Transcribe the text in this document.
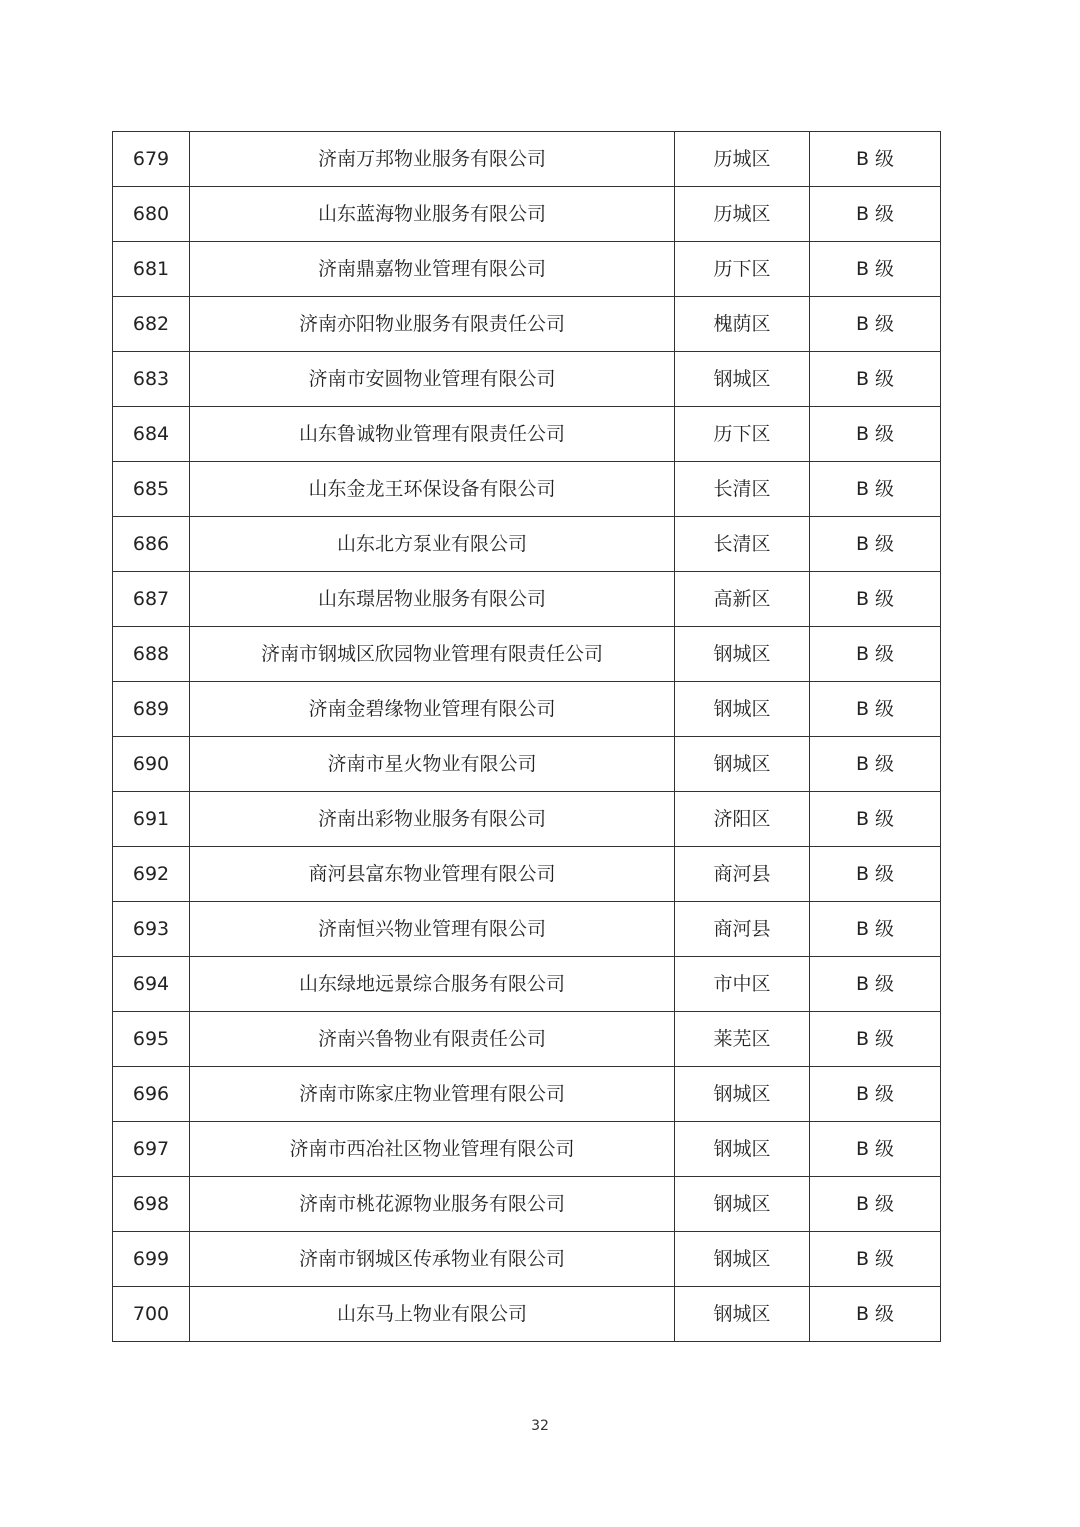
679	济南万邦物业服务有限公司	历城区	B 级
680	山东蓝海物业服务有限公司	历城区	B 级
681	济南鼎嘉物业管理有限公司	历下区	B 级
682	济南亦阳物业服务有限责任公司	槐荫区	B 级
683	济南市安圆物业管理有限公司	钢城区	B 级
684	山东鲁诚物业管理有限责任公司	历下区	B 级
685	山东金龙王环保设备有限公司	长清区	B 级
686	山东北方泵业有限公司	长清区	B 级
687	山东璟居物业服务有限公司	高新区	B 级
688	济南市钢城区欣园物业管理有限责任公司	钢城区	B 级
689	济南金碧缘物业管理有限公司	钢城区	B 级
690	济南市星火物业有限公司	钢城区	B 级
691	济南出彩物业服务有限公司	济阳区	B 级
692	商河县富东物业管理有限公司	商河县	B 级
693	济南恒兴物业管理有限公司	商河县	B 级
694	山东绿地远景综合服务有限公司	市中区	B 级
695	济南兴鲁物业有限责任公司	莱芜区	B 级
696	济南市陈家庄物业管理有限公司	钢城区	B 级
697	济南市西冶社区物业管理有限公司	钢城区	B 级
698	济南市桃花源物业服务有限公司	钢城区	B 级
699	济南市钢城区传承物业有限公司	钢城区	B 级
700	山东马上物业有限公司	钢城区	B 级
32
